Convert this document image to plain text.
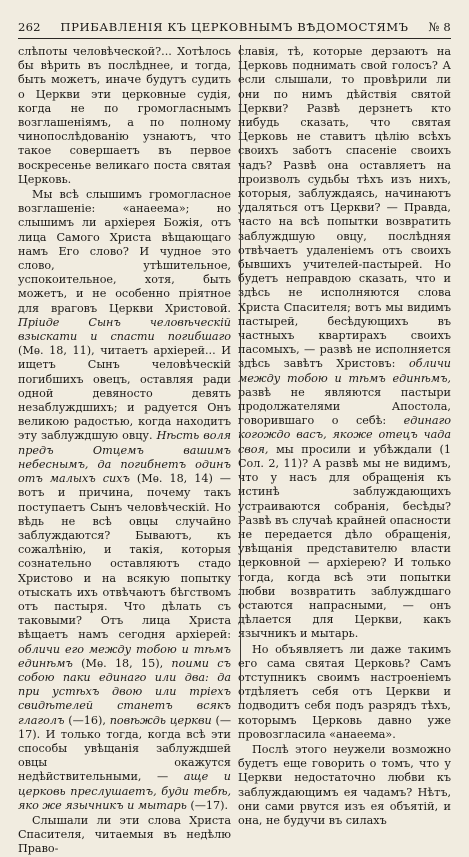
262	ПРИБАВЛЕНІЯ КЪ ЦЕРКОВНЫМЪ ВѢДОМОСТЯМЪ	№ 8

слѣпоты человѣческой?... Хотѣлось бы вѣрить въ послѣднее, и тогда, быть можетъ, иначе будутъ судить о Церкви эти церковные судія, когда не по громогласнымъ возглашеніямъ, а по полному чинопослѣдованію узнаютъ, что такое совершаетъ въ первое воскресенье великаго поста святая Церковь.

Мы всѣ слышимъ громогласное возглашеніе: «анаеема»; но слышимъ ли архіерея Божія, отъ лица Самого Христа вѣщающаго намъ Его слово? И чудное это слово, утѣшительное, успокоительное, хотя, быть можетъ, и не особенно пріятное для враговъ Церкви Христовой. Пріиде Сынъ человѣческій взыскати и спасти погибшаго (Мѳ. 18, 11), читаетъ архіерей... И ищетъ Сынъ человѣческій погибшихъ овецъ, оставляя ради одной девяносто девять незаблуждшихъ; и радуется Онъ великою радостью, когда находитъ эту заблуждшую овцу. Нѣсть воля предъ Отцемъ вашимъ небеснымъ, да погибнетъ одинъ отъ малыхъ сихъ (Мѳ. 18, 14) — вотъ и причина, почему такъ поступаетъ Сынъ человѣческій. Но вѣдь не всѣ овцы случайно заблуждаются? Бываютъ, къ сожалѣнію, и такія, которыя сознательно оставляютъ стадо Христово и на всякую попытку отыскать ихъ отвѣчаютъ бѣгствомъ отъ пастыря. Что дѣлать съ таковыми? Отъ лица Христа вѣщаетъ намъ сегодня архіерей: обличи его между тобою и тѣмъ единѣмъ (Мѳ. 18, 15), поими съ собою паки единаго или два: да при устѣхъ двою или тріехъ свидѣтелей станетъ всякъ глаголъ (—16), повѣждь церкви (—17). И только тогда, когда всѣ эти способы увѣщанія заблуждшей овцы окажутся недѣйствительными, — аще и церковь преслушаетъ, буди тебѣ, яко же язычникъ и мытарь (—17).

Слышали ли эти слова Христа Спасителя, читаемыя въ недѣлю Право-

славія, тѣ, которые дерзаютъ на Церковь поднимать свой голосъ? А если слышали, то провѣрили ли они по нимъ дѣйствія святой Церкви? Развѣ дерзнетъ кто нибудь сказать, что святая Церковь не ставитъ цѣлію всѣхъ своихъ заботъ спасеніе своихъ чадъ? Развѣ она оставляетъ на произволъ судьбы тѣхъ изъ нихъ, которыя, заблуждаясь, начинаютъ удаляться отъ Церкви? — Правда, часто на всѣ попытки возвратить заблуждшую овцу, послѣдняя отвѣчаетъ удаленіемъ отъ своихъ бывшихъ учителей-пастырей. Но будетъ неправдою сказать, что и здѣсь не исполняются слова Христа Спасителя; вотъ мы видимъ пастырей, бесѣдующихъ въ частныхъ квартирахъ своихъ пасомыхъ, — развѣ не исполняется здѣсь завѣтъ Христовъ: обличи между тобою и тѣмъ единѣмъ, развѣ не являются пастыри продолжателями Апостола, говорившаго о себѣ: единаго когождо васъ, якоже отецъ чада своя, мы просили и убѣждали (1 Сол. 2, 11)? А развѣ мы не видимъ, что у насъ для обращенія къ истинѣ заблуждающихъ устраиваются собранія, бесѣды? Развѣ въ случаѣ крайней опасности не передается дѣло обращенія, увѣщанія представителю власти церковной — архіерею? И только тогда, когда всѣ эти попытки любви возвратить заблуждшаго остаются напрасными, — онъ дѣлается для Церкви, какъ язычникъ и мытарь.

Но объявляетъ ли даже такимъ его сама святая Церковь? Самъ отступникъ своимъ настроеніемъ отдѣляетъ себя отъ Церкви и подводитъ себя подъ разрядъ тѣхъ, которымъ Церковь давно уже провозгласила «анаеема».

Послѣ этого неужели возможно будетъ еще говорить о томъ, что у Церкви недостаточно любви къ заблуждающимъ ея чадамъ? Нѣтъ, они сами рвутся изъ ея объятій, и она, не будучи въ силахъ
